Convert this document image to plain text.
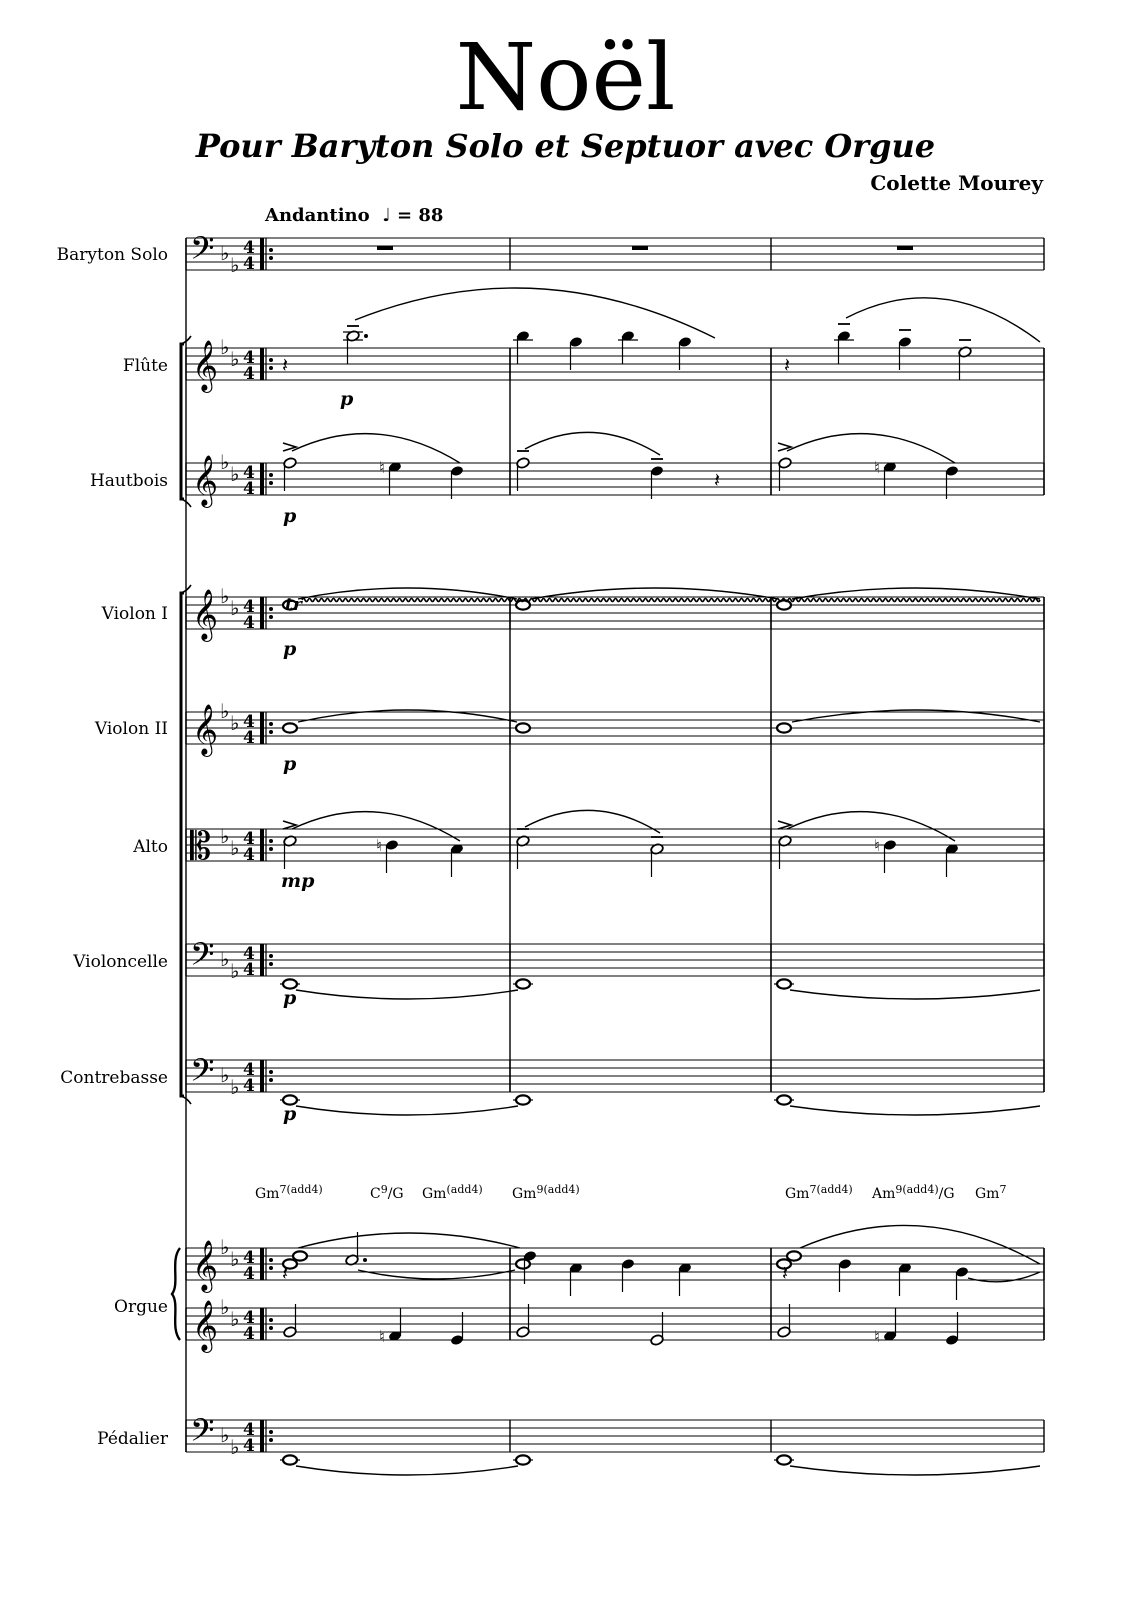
Noël
Pour Baryton Solo et Septuor avec Orgue
Colette Mourey
Andantino ♩ = 88
Baryton Solo
Flûte
Hautbois
Violon I
Violon II
Alto
Violoncelle
Contrebasse
Orgue
Pédalier
𝄢 ♭ ♭
4
4
𝄞 ♭ ♭ 4
4
𝄞 ♭ ♭ 4
4
𝄞 ♭ ♭ 4
4
𝄞 ♭ ♭ 4
4
𝄡 ♭ ♭ 4
4
𝄢 ♭ ♭
4
4
𝄢 ♭ ♭
4
4
𝄞 ♭ ♭ 4
4
𝄞 ♭ ♭ 4
4
𝄢 ♭ ♭
4
4
𝄽	𝄽
♮
𝄽
♮
♮	♮
𝄽	𝄽
♮	♮
p
p
p
p
mp
p
p
tr
$Gm^{7(add4)}$	$C^9/G$ $Gm^{(add4)}$ $Gm^{9(add4)}$	$Gm^{7(add4)}$ $Am^{9(add4)}/G$ Gm$^7$
